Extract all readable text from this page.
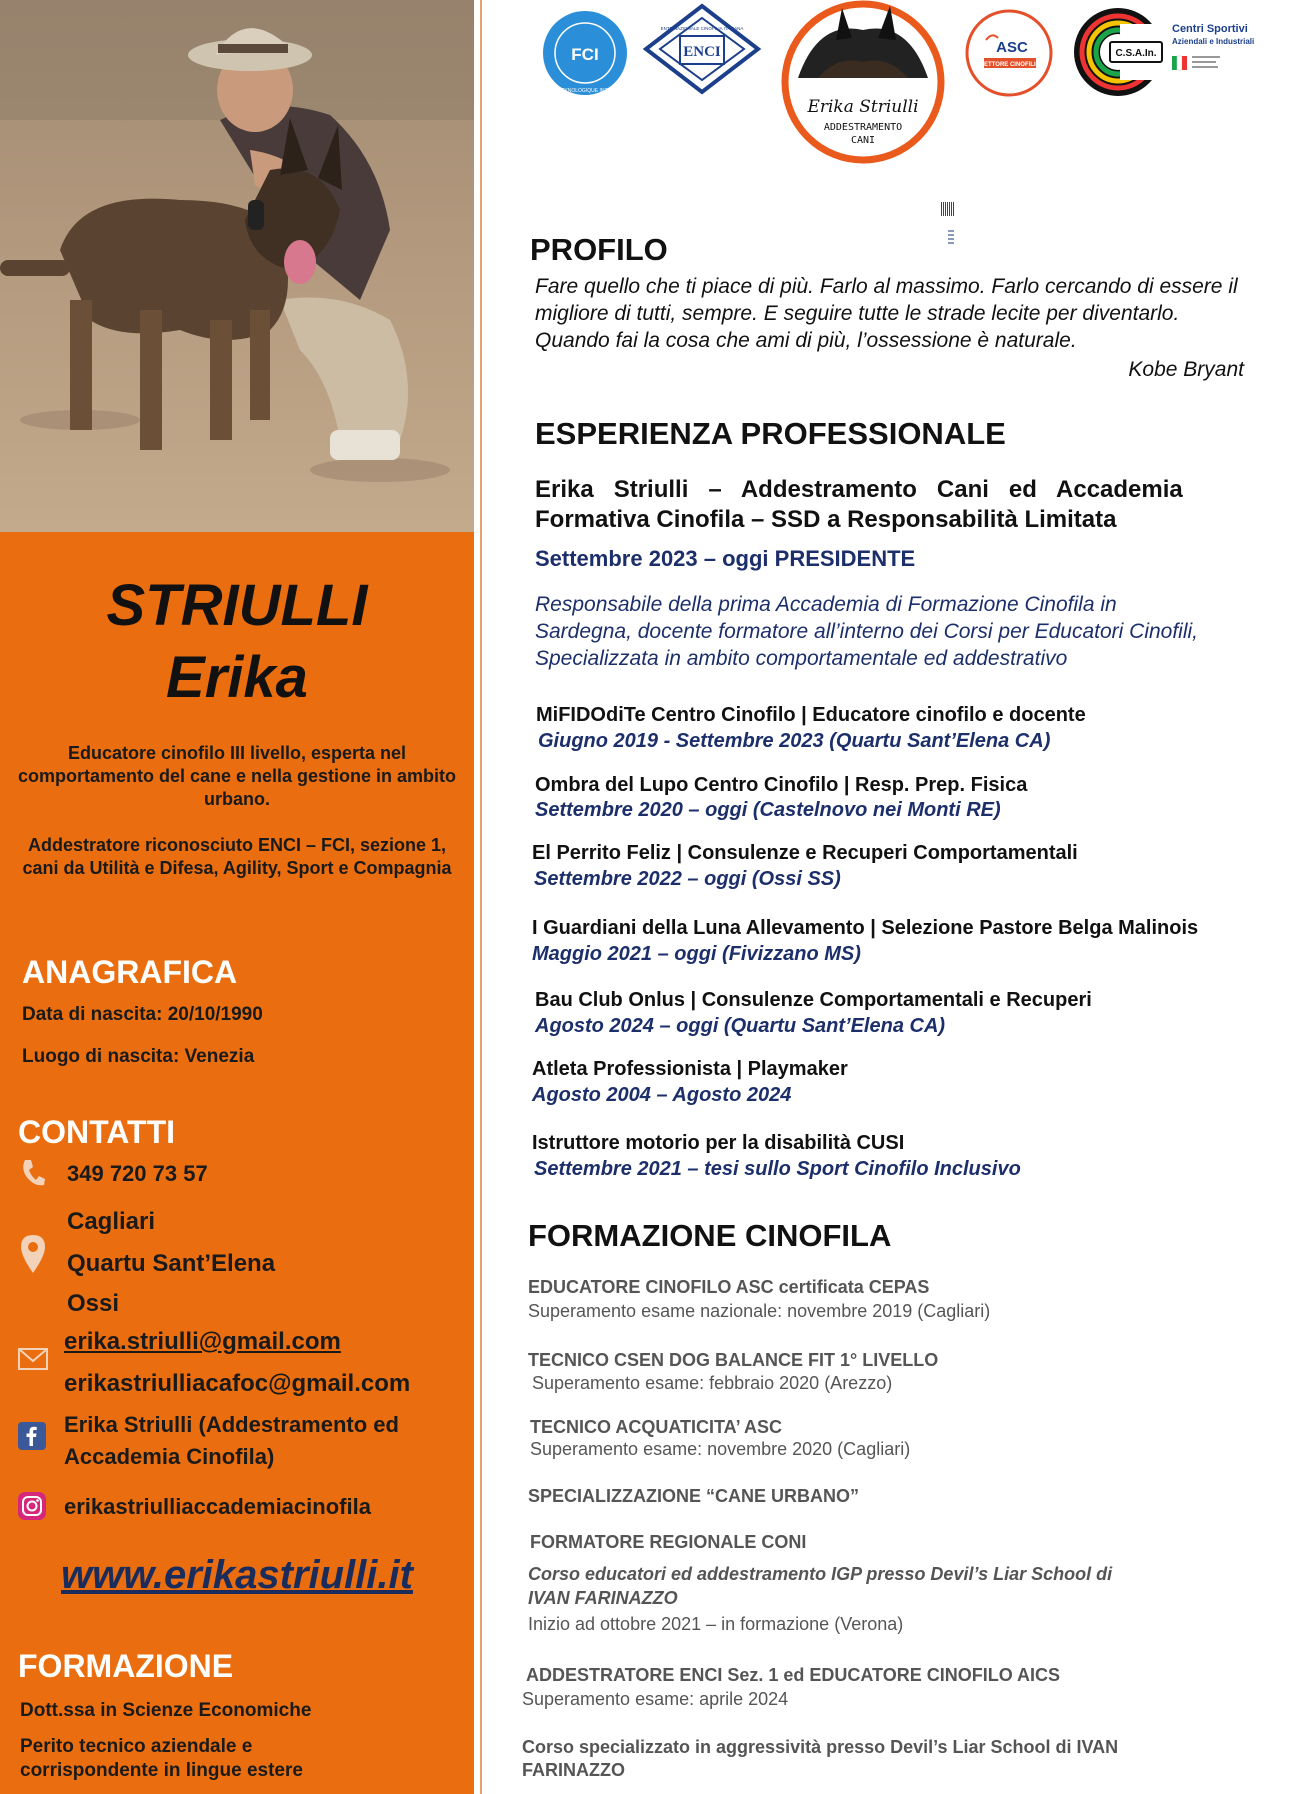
STRIULLI
Erika
Educatore cinofilo III livello, esperta nel comportamento del cane e nella gestione in ambito urbano.
Addestratore riconosciuto ENCI – FCI, sezione 1, cani da Utilità e Difesa, Agility, Sport e Compagnia
ANAGRAFICA
Data di nascita: 20/10/1990
Luogo di nascita: Venezia
CONTATTI
349 720 73 57
Cagliari
Quartu Sant’Elena
Ossi
erika.striulli@gmail.com
erikastriulliacafoc@gmail.com
Erika Striulli (Addestramento ed
Accademia Cinofila)
erikastriulliaccademiacinofila
www.erikastriulli.it
FORMAZIONE
Dott.ssa in Scienze Economiche
Perito tecnico aziendale e
corrispondente in lingue estere
FCI
FEDERATION CYNOLOGIQUE INTERNATIONALE
ENCI
ENTE NAZIONALE CINOFILIA ITALIANA
Erika Striulli
ADDESTRAMENTO
CANI
ASC
SETTORE CINOFILIA
C.S.A.In.
Centri Sportivi
Aziendali e Industriali
PROFILO
Fare quello che ti piace di più. Farlo al massimo. Farlo cercando di essere il
migliore di tutti, sempre. E seguire tutte le strade lecite per diventarlo.
Quando fai la cosa che ami di più, l’ossessione è naturale.
Kobe Bryant
ESPERIENZA PROFESSIONALE
Erika   Striulli   –   Addestramento   Cani   ed   Accademia
Formativa Cinofila – SSD a Responsabilità Limitata
Settembre 2023 – oggi PRESIDENTE
Responsabile della prima Accademia di Formazione Cinofila in
Sardegna, docente formatore all’interno dei Corsi per Educatori Cinofili,
Specializzata in ambito comportamentale ed addestrativo
MiFIDOdiTe Centro Cinofilo | Educatore cinofilo e docente
Giugno 2019 - Settembre 2023 (Quartu Sant’Elena CA)
Ombra del Lupo Centro Cinofilo | Resp. Prep. Fisica
Settembre 2020 – oggi (Castelnovo nei Monti RE)
El Perrito Feliz | Consulenze e Recuperi Comportamentali
Settembre 2022 – oggi (Ossi SS)
I Guardiani della Luna Allevamento | Selezione Pastore Belga Malinois
Maggio 2021 – oggi (Fivizzano MS)
Bau Club Onlus | Consulenze Comportamentali e Recuperi
Agosto 2024 – oggi (Quartu Sant’Elena CA)
Atleta Professionista | Playmaker
Agosto 2004 – Agosto 2024
Istruttore motorio per la disabilità CUSI
Settembre 2021 – tesi sullo Sport Cinofilo Inclusivo
FORMAZIONE CINOFILA
EDUCATORE CINOFILO ASC certificata CEPAS
Superamento esame nazionale: novembre 2019 (Cagliari)
TECNICO CSEN DOG BALANCE FIT 1° LIVELLO
Superamento esame: febbraio 2020 (Arezzo)
TECNICO ACQUATICITA’ ASC
Superamento esame: novembre 2020 (Cagliari)
SPECIALIZZAZIONE “CANE URBANO”
FORMATORE REGIONALE CONI
Corso educatori ed addestramento IGP presso Devil’s Liar School di
IVAN FARINAZZO
Inizio ad ottobre 2021 – in formazione (Verona)
ADDESTRATORE ENCI Sez. 1 ed EDUCATORE CINOFILO AICS
Superamento esame: aprile 2024
Corso specializzato in aggressività presso Devil’s Liar School di IVAN
FARINAZZO
